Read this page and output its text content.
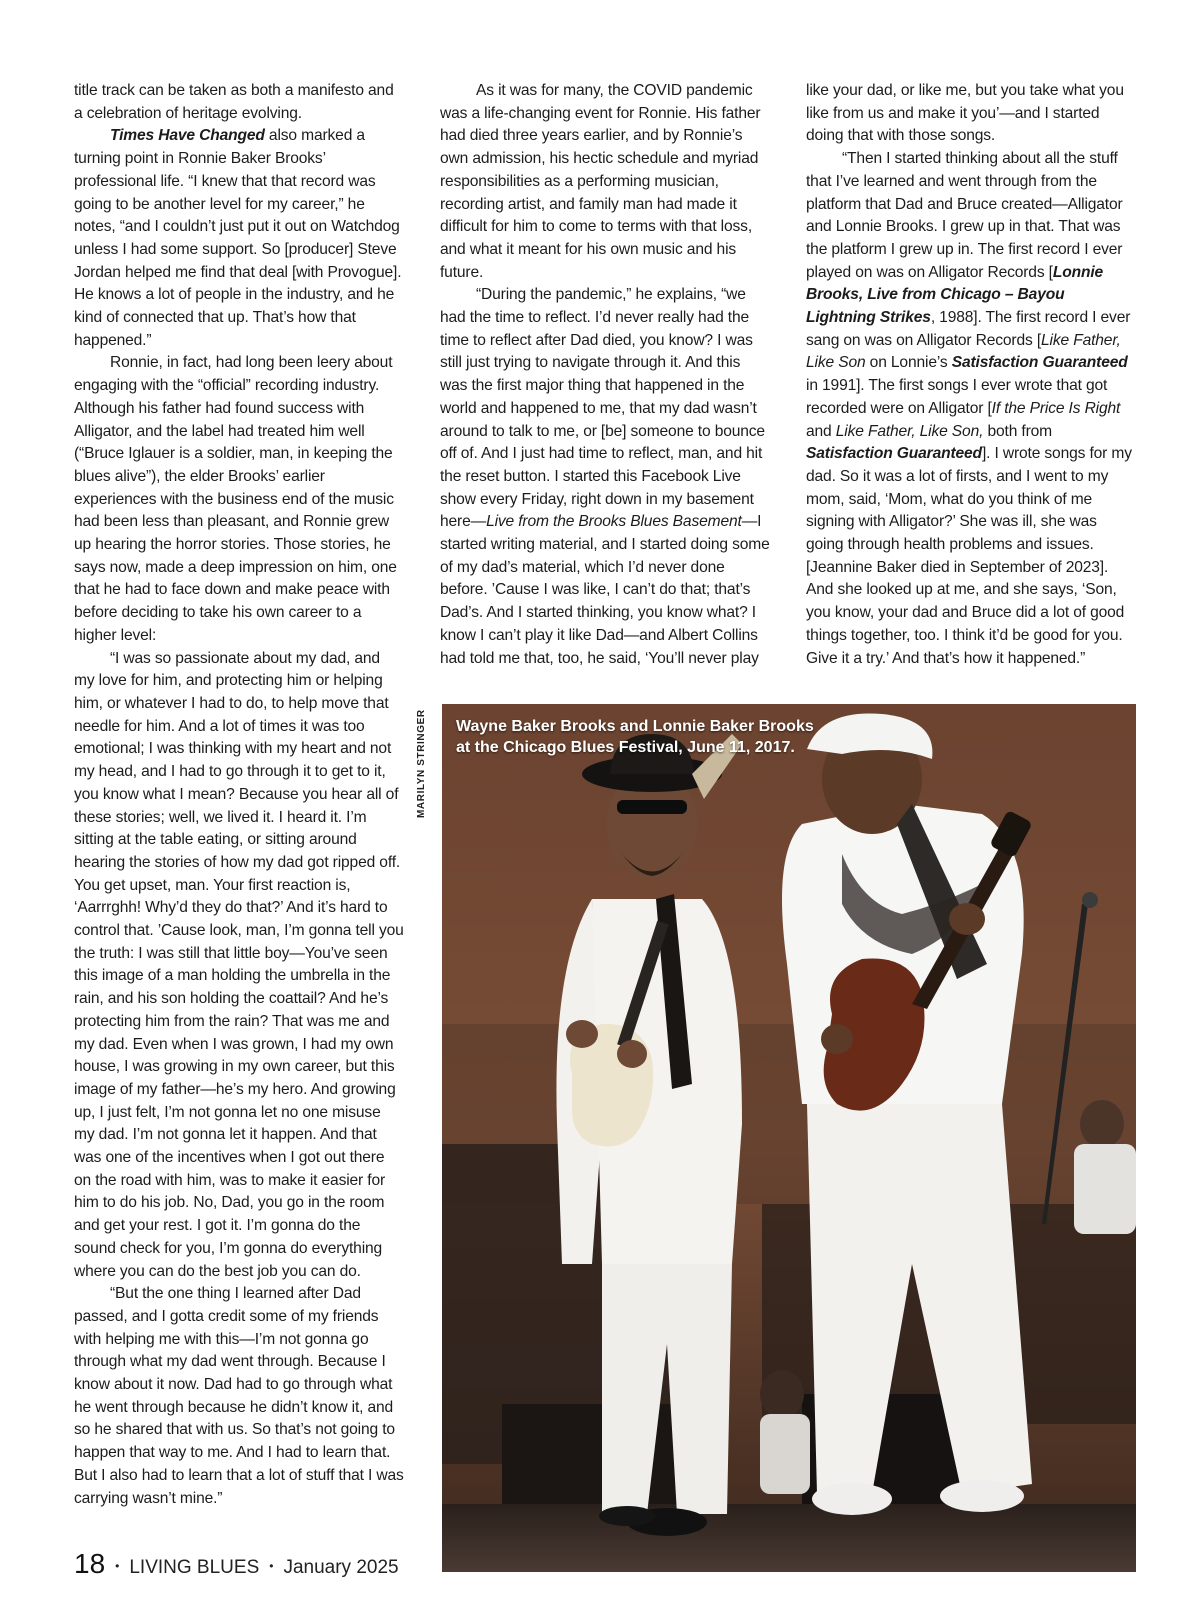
title track can be taken as both a manifesto and a celebration of heritage evolving.

Times Have Changed also marked a turning point in Ronnie Baker Brooks’ professional life. “I knew that that record was going to be another level for my career,” he notes, “and I couldn’t just put it out on Watchdog unless I had some support. So [producer] Steve Jordan helped me find that deal [with Provogue]. He knows a lot of people in the industry, and he kind of connected that up. That’s how that happened.”

Ronnie, in fact, had long been leery about engaging with the “official” recording industry. Although his father had found success with Alligator, and the label had treated him well (“Bruce Iglauer is a soldier, man, in keeping the blues alive”), the elder Brooks’ earlier experiences with the business end of the music had been less than pleasant, and Ronnie grew up hearing the horror stories. Those stories, he says now, made a deep impression on him, one that he had to face down and make peace with before deciding to take his own career to a higher level:

“I was so passionate about my dad, and my love for him, and protecting him or helping him, or whatever I had to do, to help move that needle for him. And a lot of times it was too emotional; I was thinking with my heart and not my head, and I had to go through it to get to it, you know what I mean? Because you hear all of these stories; well, we lived it. I heard it. I’m sitting at the table eating, or sitting around hearing the stories of how my dad got ripped off. You get upset, man. Your first reaction is, ‘Aarrrghh! Why’d they do that?’ And it’s hard to control that. ’Cause look, man, I’m gonna tell you the truth: I was still that little boy—You’ve seen this image of a man holding the umbrella in the rain, and his son holding the coattail? And he’s protecting him from the rain? That was me and my dad. Even when I was grown, I had my own house, I was growing in my own career, but this image of my father—he’s my hero. And growing up, I just felt, I’m not gonna let no one misuse my dad. I’m not gonna let it happen. And that was one of the incentives when I got out there on the road with him, was to make it easier for him to do his job. No, Dad, you go in the room and get your rest. I got it. I’m gonna do the sound check for you, I’m gonna do everything where you can do the best job you can do.

“But the one thing I learned after Dad passed, and I gotta credit some of my friends with helping me with this—I’m not gonna go through what my dad went through. Because I know about it now. Dad had to go through what he went through because he didn’t know it, and so he shared that with us. So that’s not going to happen that way to me. And I had to learn that. But I also had to learn that a lot of stuff that I was carrying wasn’t mine.”

As it was for many, the COVID pandemic was a life-changing event for Ronnie. His father had died three years earlier, and by Ronnie’s own admission, his hectic schedule and myriad responsibilities as a performing musician, recording artist, and family man had made it difficult for him to come to terms with that loss, and what it meant for his own music and his future.

“During the pandemic,” he explains, “we had the time to reflect. I’d never really had the time to reflect after Dad died, you know? I was still just trying to navigate through it. And this was the first major thing that happened in the world and happened to me, that my dad wasn’t around to talk to me, or [be] someone to bounce off of. And I just had time to reflect, man, and hit the reset button. I started this Facebook Live show every Friday, right down in my basement here—Live from the Brooks Blues Basement—I started writing material, and I started doing some of my dad’s material, which I’d never done before. ’Cause I was like, I can’t do that; that’s Dad’s. And I started thinking, you know what? I know I can’t play it like Dad—and Albert Collins had told me that, too, he said, ‘You’ll never play

like your dad, or like me, but you take what you like from us and make it you’—and I started doing that with those songs.

“Then I started thinking about all the stuff that I’ve learned and went through from the platform that Dad and Bruce created—Alligator and Lonnie Brooks. I grew up in that. That was the platform I grew up in. The first record I ever played on was on Alligator Records [Lonnie Brooks, Live from Chicago – Bayou Lightning Strikes, 1988]. The first record I ever sang on was on Alligator Records [Like Father, Like Son on Lonnie’s Satisfaction Guaranteed in 1991]. The first songs I ever wrote that got recorded were on Alligator [If the Price Is Right and Like Father, Like Son, both from Satisfaction Guaranteed]. I wrote songs for my dad. So it was a lot of firsts, and I went to my mom, said, ‘Mom, what do you think of me signing with Alligator?’ She was ill, she was going through health problems and issues. [Jeannine Baker died in September of 2023]. And she looked up at me, and she says, ‘Son, you know, your dad and Bruce did a lot of good things together, too. I think it’d be good for you. Give it a try.’ And that’s how it happened.”

MARILYN STRINGER Wayne Baker Brooks and Lonnie Baker Brooks
at the Chicago Blues Festival, June 11, 2017.
18 • LIVING BLUES • January 2025
